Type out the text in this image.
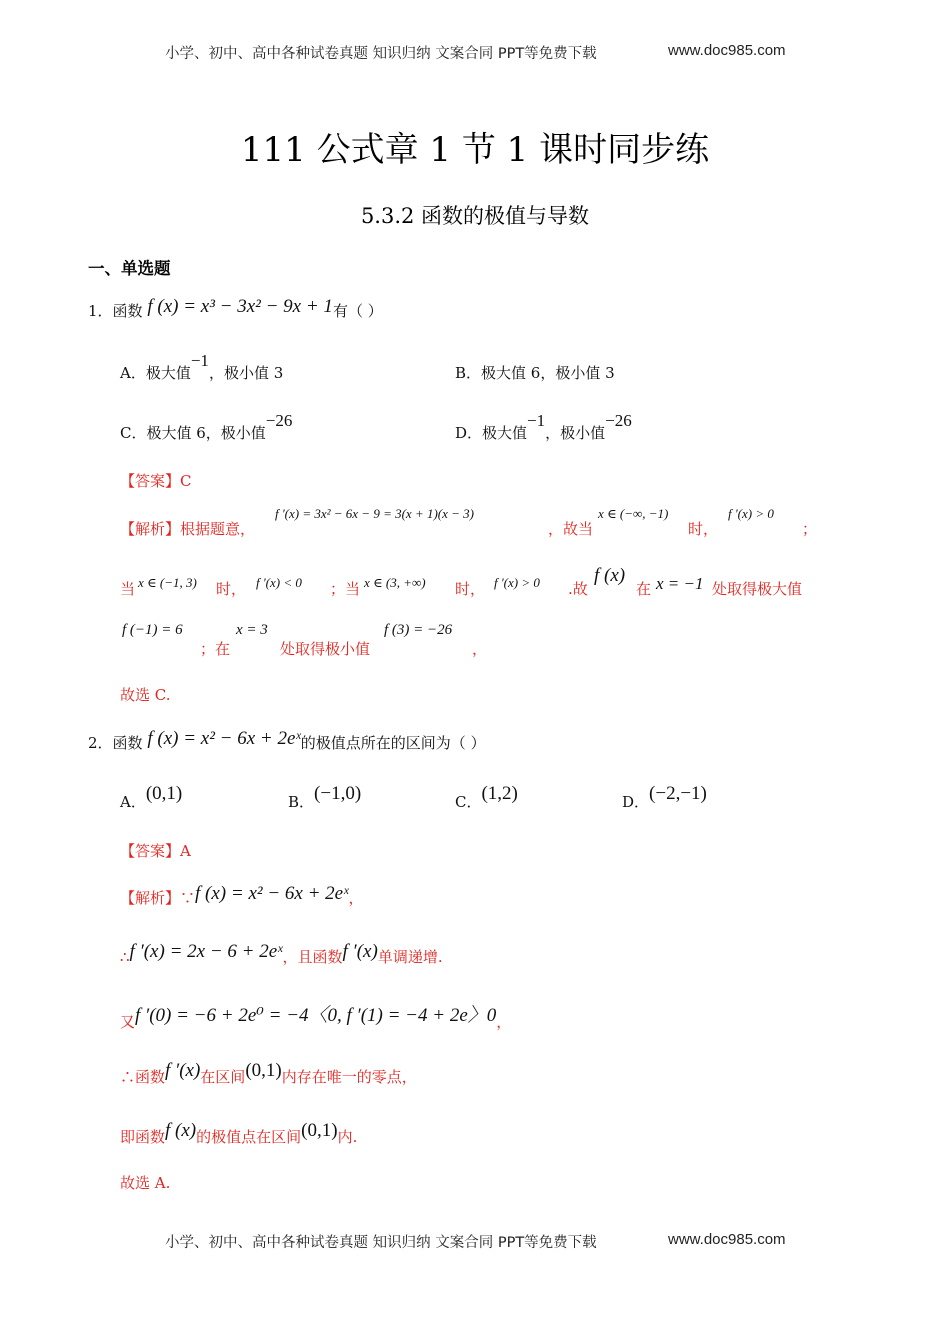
小学、初中、高中各种试卷真题 知识归纳 文案合同 PPT等免费下载	www.doc985.com
111 公式章 1 节 1 课时同步练
5.3.2 函数的极值与导数
一、单选题
1．函数 f (x) = x³ − 3x² − 9x + 1有（ ）
A．极大值−1，极小值 3	B．极大值 6，极小值 3
C．极大值 6，极小值−26
D．极大值−1，极小值−26
【答案】C
【解析】根据题意，
f '(x) = 3x² − 6x − 9 = 3(x + 1)(x − 3)
，故当
x ∈ (−∞, −1)
时，
f '(x) > 0
；
当 x ∈ (−1, 3) 时， f '(x) < 0 ；当 x ∈ (3, +∞) 时， f '(x) > 0 .故
f (x)
在 x = −1 处取得极大值
f (−1) = 6
；在
x = 3
处取得极小值
f (3) = −26
，
故选 C.
2．函数 f (x) = x² − 6x + 2eˣ的极值点所在的区间为（ ）
A．(0,1)	B．(−1,0)	C．(1,2)	D．(−2,−1)
【答案】A
【解析】∵f (x) = x² − 6x + 2eˣ，
∴f ′(x) = 2x − 6 + 2eˣ，且函数f ′(x)单调递增.
又f ′(0) = −6 + 2e⁰ = −4〈0, f ′(1) = −4 + 2e〉0，
∴函数f ′(x)在区间(0,1)内存在唯一的零点，
即函数f (x)的极值点在区间(0,1)内.
故选 A.
小学、初中、高中各种试卷真题 知识归纳 文案合同 PPT等免费下载	www.doc985.com
